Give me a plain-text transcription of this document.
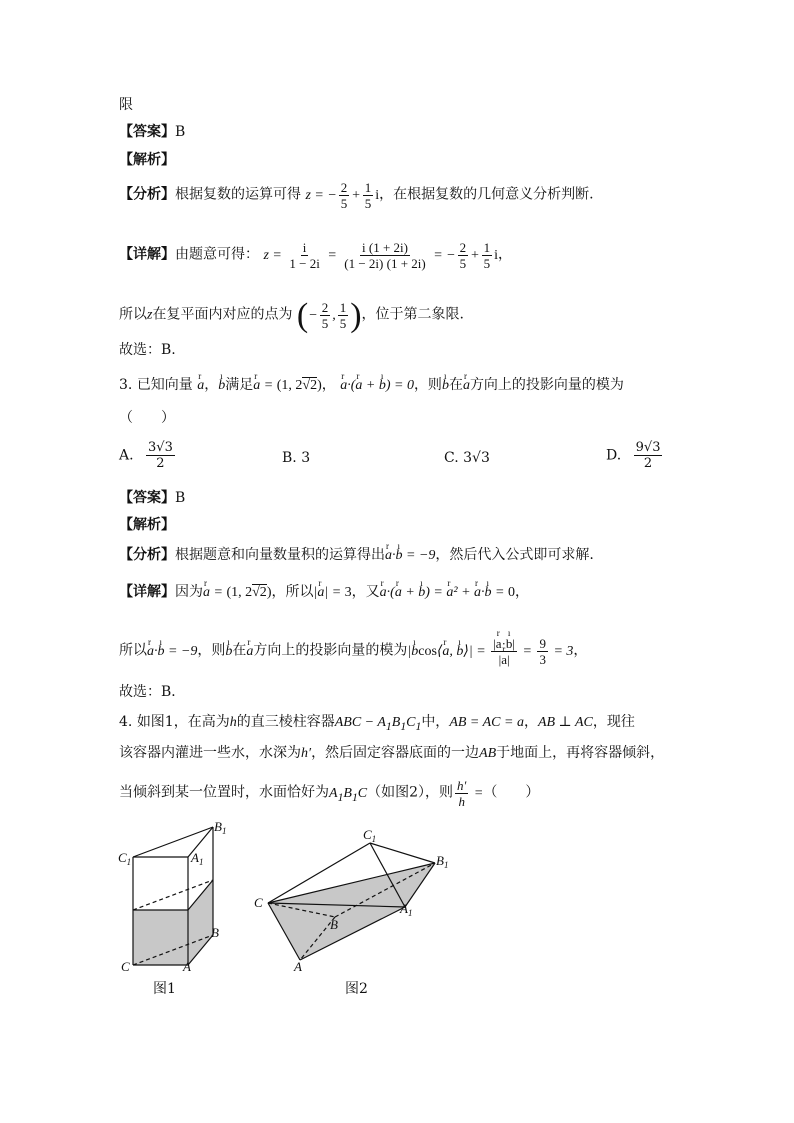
限
【答案】B
【解析】
【分析】根据复数的运算可得 z = − $\frac{2}{5} + \frac{1}{5}$ i，在根据复数的几何意义分析判断.
【详解】由题意可得： $z = \frac{i}{1 - 2i} = \frac{i (1 + 2i)}{(1 - 2i) (1 + 2i)}$ = − $\frac{2}{5} + \frac{1}{5}$ i，
所以z在复平面内对应的点为 (− $\frac{2}{5}$ , $\frac{1}{5}$ )，位于第二象限.
故选：B.
3. 已知向量 r a，ı b满足r a = (1, 2√2)， r a·(r a + ı b) = 0，则ı b在r a方向上的投影向量的模为
（　　）
A. $\frac{3√3}{2}$	B. 3	C. 3√3	D. $\frac{9√3}{2}$
【答案】B
【解析】
【分析】根据题意和向量数量积的运算得出r a·ı b = −9，然后代入公式即可求解.
【详解】因为r a = (1, 2√2)，所以|r a| = 3，又r a·(r a + ı b) = r a² + r a·ı b = 0，
所以r a·ı b = −9，则ı b在r a方向上的投影向量的模为|ı bcos⟨r a, ı b⟩| = $\frac{\text{|r a·ı b|}}{\text{|r a|}} = \frac{9}{3} = 3$，
故选：B．
4. 如图1，在高为h的直三棱柱容器ABC − $A_1B_1C_1$中，AB = AC = a，AB ⊥ AC，现往
该容器内灌进一些水，水深为h′，然后固定容器底面的一边AB于地面上，再将容器倾斜，
当倾斜到某一位置时，水面恰好为$A_1B_1C$（如图2），则 $\frac{h'}{h}$ =（　　）
$C_1$	$A_1$
$B_1$
B
C	A
图1
$C_1$
$B_1$
C	$A_1$
B
A
图2
